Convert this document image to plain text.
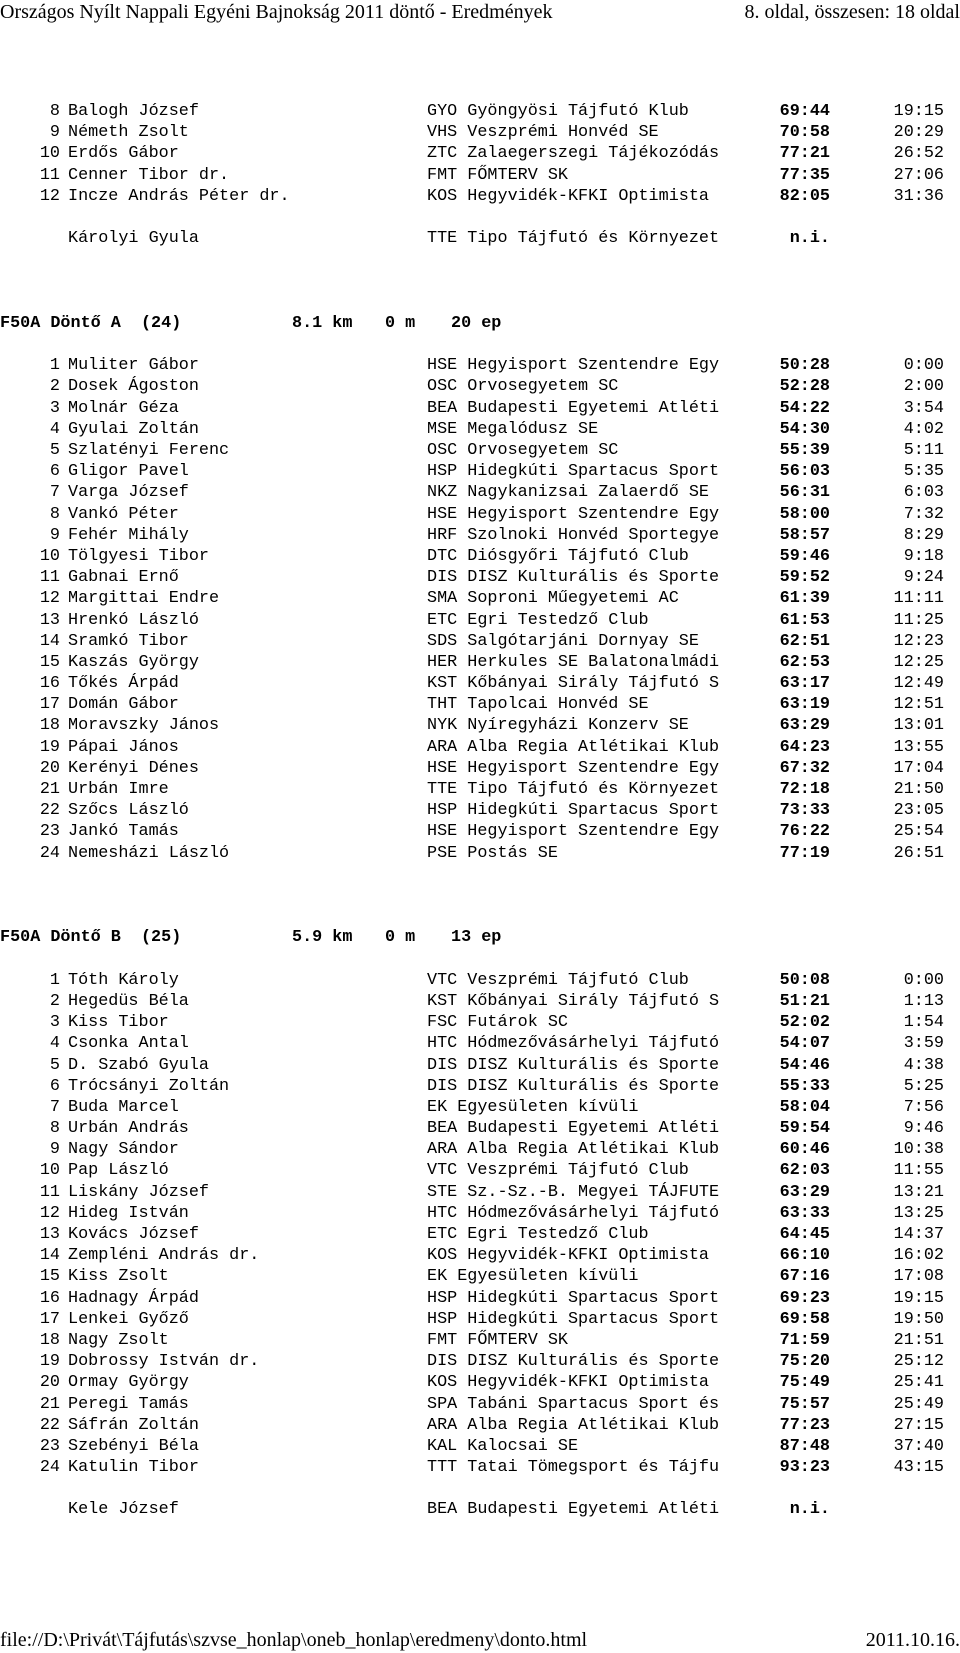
Országos Nyílt Nappali Egyéni Bajnokság 2011 döntő - Eredmények	8. oldal, összesen: 18 oldal
8 Balogh József	GYO Gyöngyösi Tájfutó Klub	69:44	19:15
9 Németh Zsolt	VHS Veszprémi Honvéd SE	70:58	20:29
10 Erdős Gábor	ZTC Zalaegerszegi Tájékozódás	77:21	26:52
11 Cenner Tibor dr.	FMT FŐMTERV SK	77:35	27:06
12 Incze András Péter dr.	KOS Hegyvidék-KFKI Optimista	82:05	31:36
Károlyi Gyula	TTE Tipo Tájfutó és Környezet	n.i.
F50A Döntő A  (24)	8.1 km 0 m 20 ep
1 Muliter Gábor	HSE Hegyisport Szentendre Egy	50:28	0:00
2 Dosek Ágoston	OSC Orvosegyetem SC	52:28	2:00
3 Molnár Géza	BEA Budapesti Egyetemi Atléti	54:22	3:54
4 Gyulai Zoltán	MSE Megalódusz SE	54:30	4:02
5 Szlatényi Ferenc	OSC Orvosegyetem SC	55:39	5:11
6 Gligor Pavel	HSP Hidegkúti Spartacus Sport	56:03	5:35
7 Varga József	NKZ Nagykanizsai Zalaerdő SE	56:31	6:03
8 Vankó Péter	HSE Hegyisport Szentendre Egy	58:00	7:32
9 Fehér Mihály	HRF Szolnoki Honvéd Sportegye	58:57	8:29
10 Tölgyesi Tibor	DTC Diósgyőri Tájfutó Club	59:46	9:18
11 Gabnai Ernő	DIS DISZ Kulturális és Sporte	59:52	9:24
12 Margittai Endre	SMA Soproni Műegyetemi AC	61:39	11:11
13 Hrenkó László	ETC Egri Testedző Club	61:53	11:25
14 Sramkó Tibor	SDS Salgótarjáni Dornyay SE	62:51	12:23
15 Kaszás György	HER Herkules SE Balatonalmádi	62:53	12:25
16 Tőkés Árpád	KST Kőbányai Sirály Tájfutó S	63:17	12:49
17 Domán Gábor	THT Tapolcai Honvéd SE	63:19	12:51
18 Moravszky János	NYK Nyíregyházi Konzerv SE	63:29	13:01
19 Pápai János	ARA Alba Regia Atlétikai Klub	64:23	13:55
20 Kerényi Dénes	HSE Hegyisport Szentendre Egy	67:32	17:04
21 Urbán Imre	TTE Tipo Tájfutó és Környezet	72:18	21:50
22 Szőcs László	HSP Hidegkúti Spartacus Sport	73:33	23:05
23 Jankó Tamás	HSE Hegyisport Szentendre Egy	76:22	25:54
24 Nemesházi László	PSE Postás SE	77:19	26:51
F50A Döntő B  (25)	5.9 km 0 m 13 ep
1 Tóth Károly	VTC Veszprémi Tájfutó Club	50:08	0:00
2 Hegedüs Béla	KST Kőbányai Sirály Tájfutó S	51:21	1:13
3 Kiss Tibor	FSC Futárok SC	52:02	1:54
4 Csonka Antal	HTC Hódmezővásárhelyi Tájfutó	54:07	3:59
5 D. Szabó Gyula	DIS DISZ Kulturális és Sporte	54:46	4:38
6 Trócsányi Zoltán	DIS DISZ Kulturális és Sporte	55:33	5:25
7 Buda Marcel	EK Egyesületen kívüli	58:04	7:56
8 Urbán András	BEA Budapesti Egyetemi Atléti	59:54	9:46
9 Nagy Sándor	ARA Alba Regia Atlétikai Klub	60:46	10:38
10 Pap László	VTC Veszprémi Tájfutó Club	62:03	11:55
11 Liskány József	STE Sz.-Sz.-B. Megyei TÁJFUTE	63:29	13:21
12 Hideg István	HTC Hódmezővásárhelyi Tájfutó	63:33	13:25
13 Kovács József	ETC Egri Testedző Club	64:45	14:37
14 Zempléni András dr.	KOS Hegyvidék-KFKI Optimista	66:10	16:02
15 Kiss Zsolt	EK Egyesületen kívüli	67:16	17:08
16 Hadnagy Árpád	HSP Hidegkúti Spartacus Sport	69:23	19:15
17 Lenkei Győző	HSP Hidegkúti Spartacus Sport	69:58	19:50
18 Nagy Zsolt	FMT FŐMTERV SK	71:59	21:51
19 Dobrossy István dr.	DIS DISZ Kulturális és Sporte	75:20	25:12
20 Ormay György	KOS Hegyvidék-KFKI Optimista	75:49	25:41
21 Peregi Tamás	SPA Tabáni Spartacus Sport és	75:57	25:49
22 Sáfrán Zoltán	ARA Alba Regia Atlétikai Klub	77:23	27:15
23 Szebényi Béla	KAL Kalocsai SE	87:48	37:40
24 Katulin Tibor	TTT Tatai Tömegsport és Tájfu	93:23	43:15
Kele József	BEA Budapesti Egyetemi Atléti	n.i.
file://D:\Privát\Tájfutás\szvse_honlap\oneb_honlap\eredmeny\donto.html	2011.10.16.
